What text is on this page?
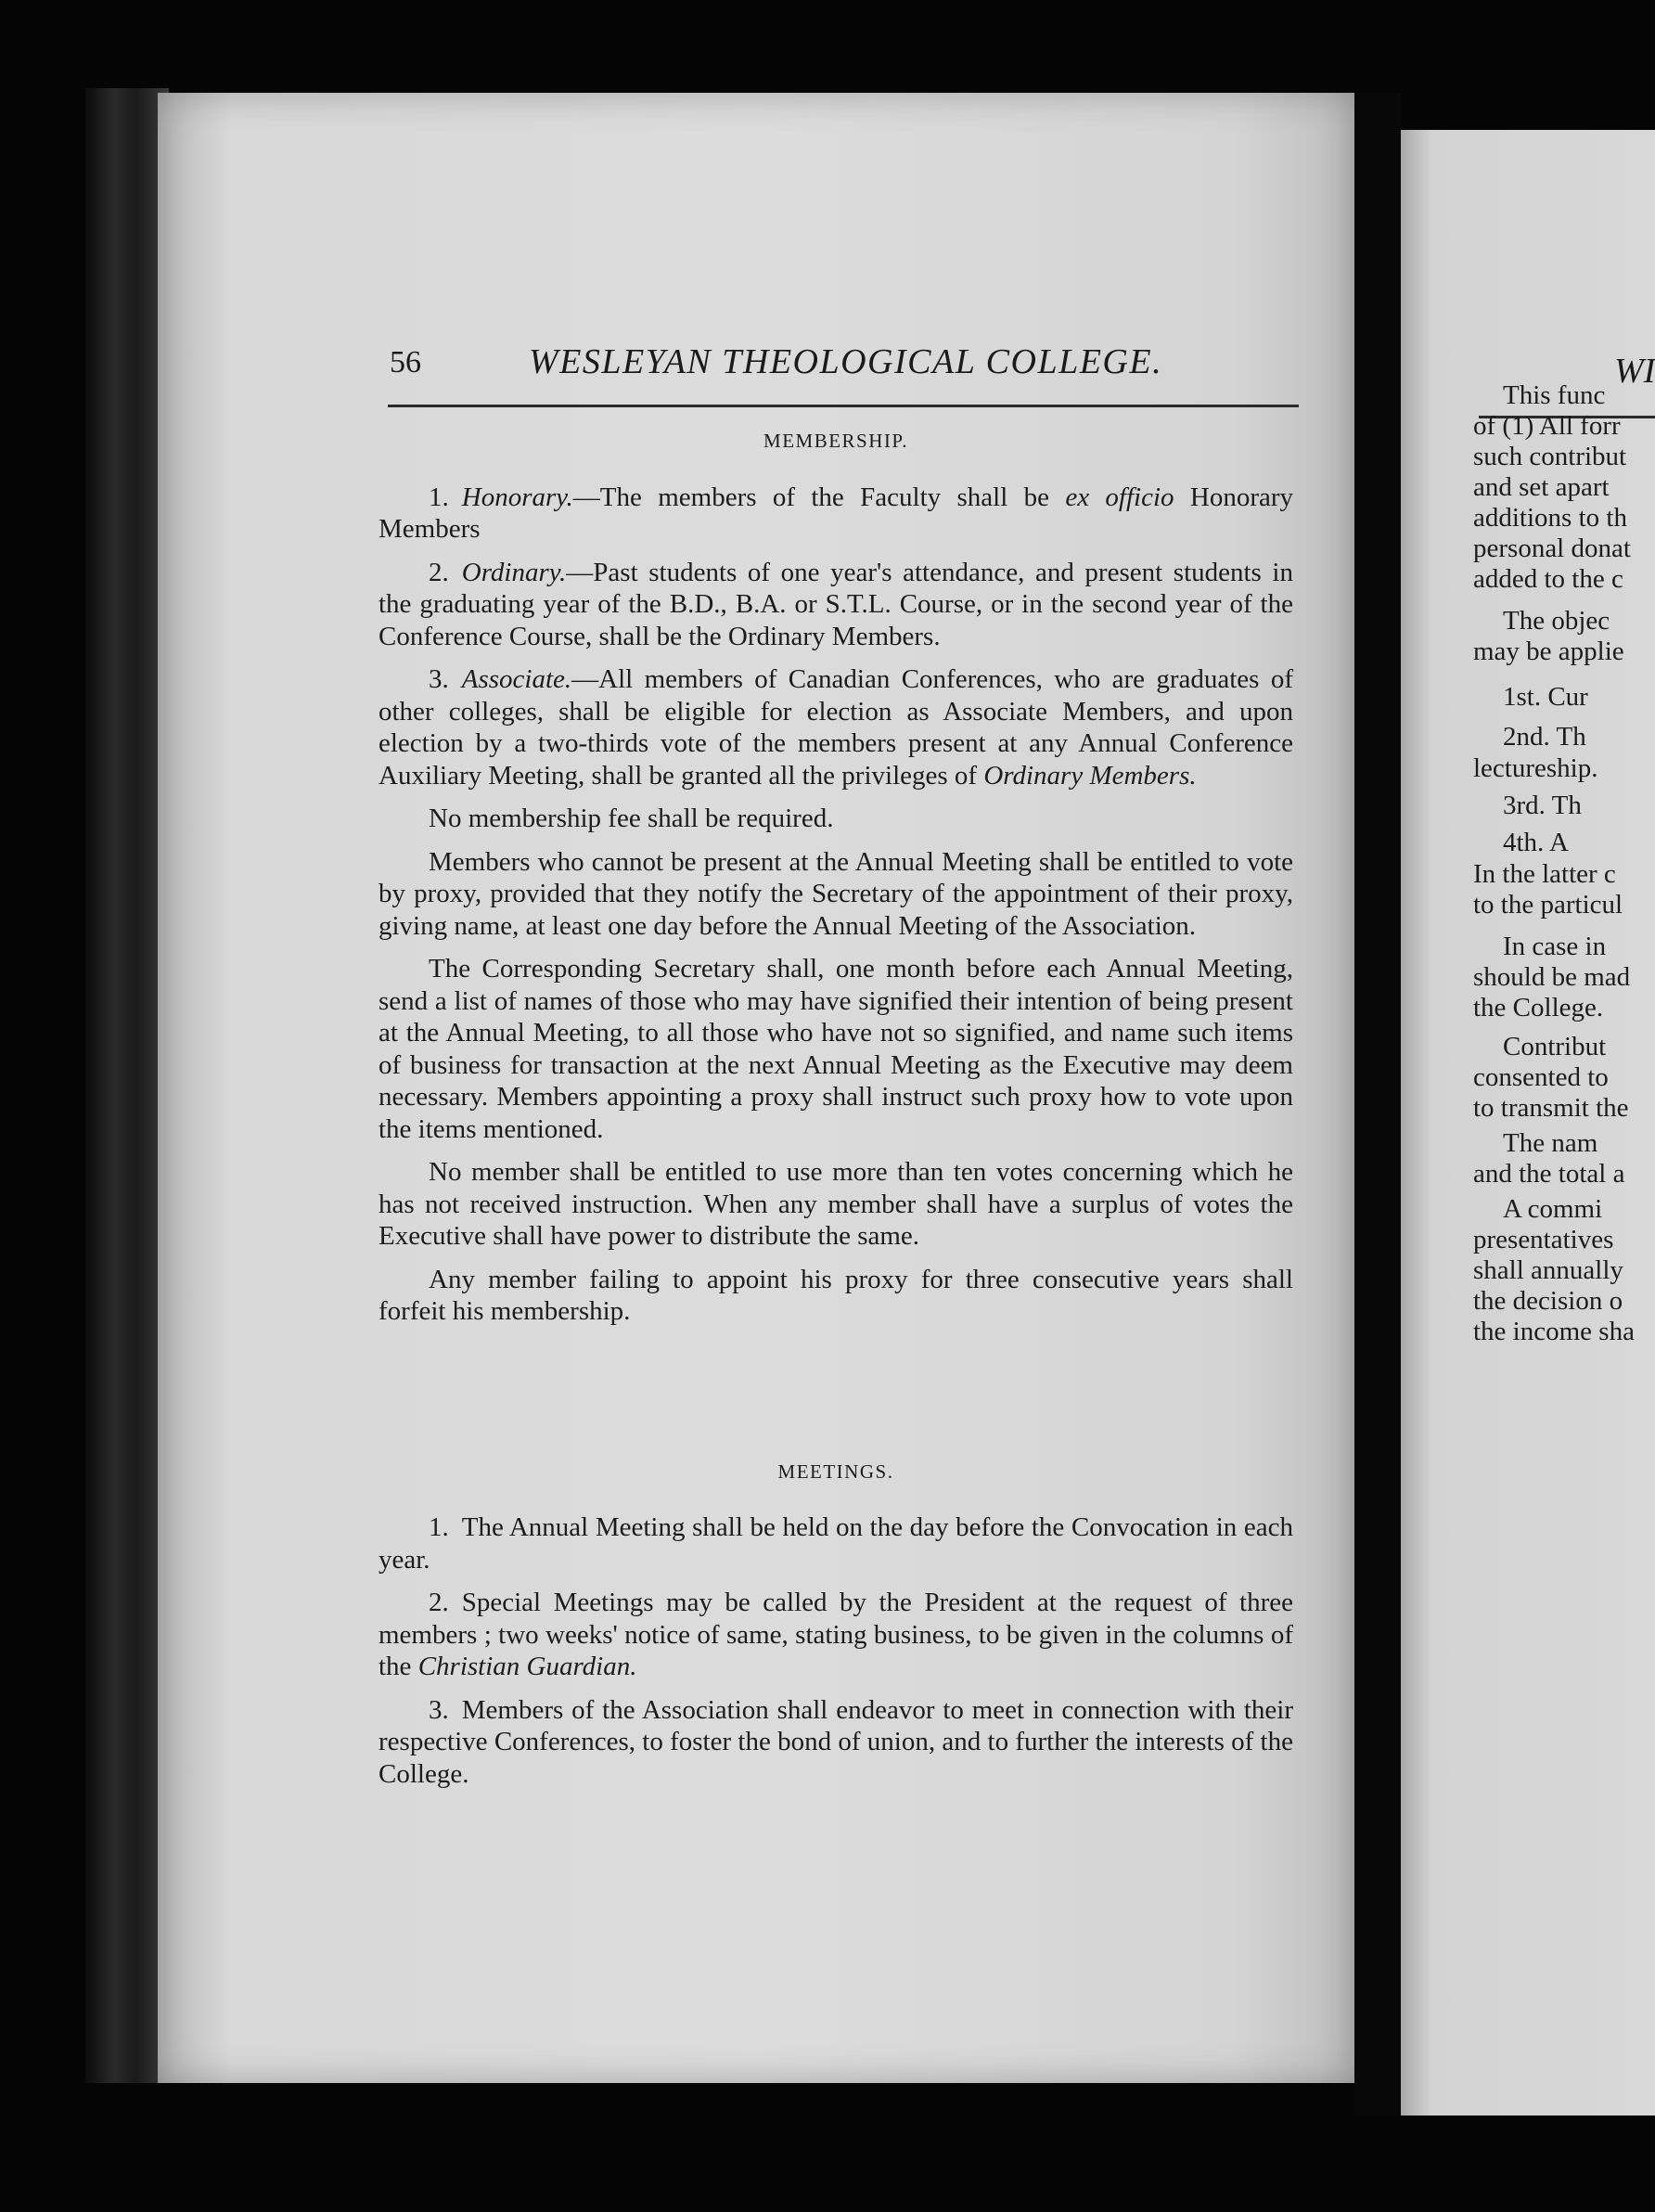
56	WESLEYAN THEOLOGICAL COLLEGE.
MEMBERSHIP.

1. Honorary.—The members of the Faculty shall be ex officio Honorary Members

2. Ordinary.—Past students of one year's attendance, and present students in the graduating year of the B.D., B.A. or S.T.L. Course, or in the second year of the Conference Course, shall be the Ordinary Members.

3. Associate.—All members of Canadian Conferences, who are graduates of other colleges, shall be eligible for election as Associate Members, and upon election by a two-thirds vote of the members present at any Annual Conference Auxiliary Meeting, shall be granted all the privileges of Ordinary Members.

No membership fee shall be required.

Members who cannot be present at the Annual Meeting shall be entitled to vote by proxy, provided that they notify the Secretary of the appointment of their proxy, giving name, at least one day before the Annual Meeting of the Association.

The Corresponding Secretary shall, one month before each Annual Meeting, send a list of names of those who may have signified their intention of being present at the Annual Meeting, to all those who have not so signified, and name such items of business for transaction at the next Annual Meeting as the Executive may deem necessary. Members appointing a proxy shall instruct such proxy how to vote upon the items mentioned.

No member shall be entitled to use more than ten votes concerning which he has not received instruction. When any member shall have a surplus of votes the Executive shall have power to distribute the same.

Any member failing to appoint his proxy for three consecutive years shall forfeit his membership.

MEETINGS.

1. The Annual Meeting shall be held on the day before the Convocation in each year.

2. Special Meetings may be called by the President at the request of three members ; two weeks' notice of same, stating business, to be given in the columns of the Christian Guardian.

3. Members of the Association shall endeavor to meet in connection with their respective Conferences, to foster the bond of union, and to further the interests of the College.

WI
This func
of (1) All forr
such contribut
and set apart
additions to th
personal donat
added to the c
The objec
may be applie
1st. Cur
2nd. Th
lectureship.
3rd. Th
4th. A
In the latter c
to the particul
In case in
should be mad
the College.
Contribut
consented to
to transmit the
The nam
and the total a
A commi
presentatives
shall annually
the decision o
the income sha
